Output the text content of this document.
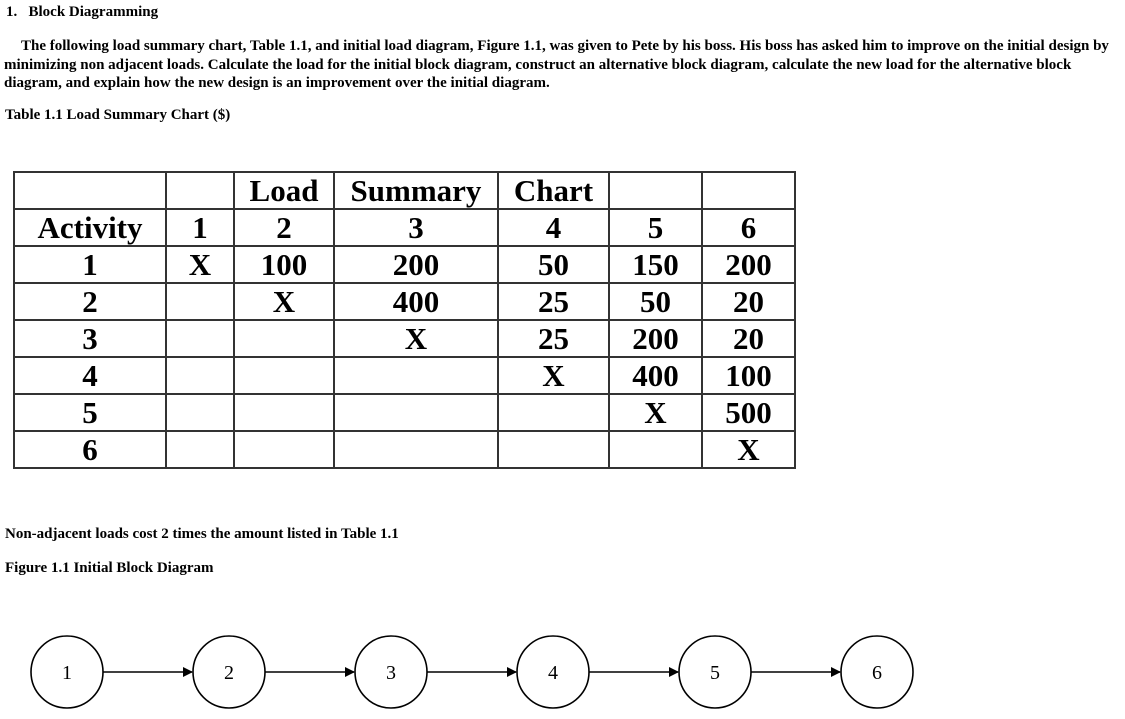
1. Block Diagramming
The following load summary chart, Table 1.1, and initial load diagram, Figure 1.1, was given to Pete by his boss. His boss has asked him to improve on the initial design by minimizing non adjacent loads. Calculate the load for the initial block diagram, construct an alternative block diagram, calculate the new load for the alternative block diagram, and explain how the new design is an improvement over the initial diagram.
Table 1.1 Load Summary Chart ($)
		Load	Summary	Chart		
Activity	1	2	3	4	5	6
1	X	100	200	50	150	200
2		X	400	25	50	20
3			X	25	200	20
4				X	400	100
5					X	500
6						X
Non-adjacent loads cost 2 times the amount listed in Table 1.1
Figure 1.1 Initial Block Diagram
1	2	3	4	5	6
